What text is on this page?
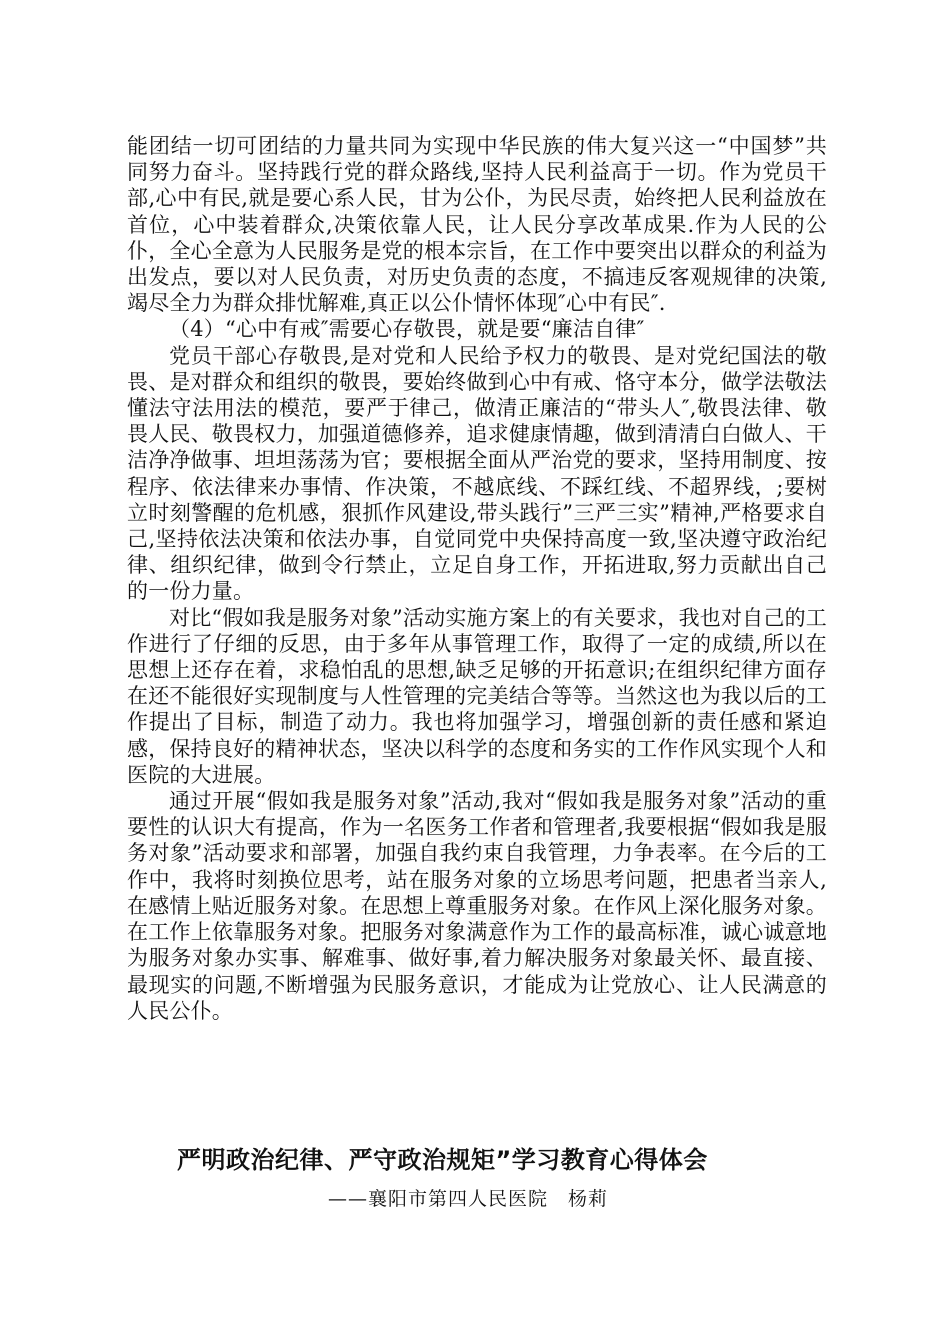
能团结一切可团结的力量共同为实现中华民族的伟大复兴这一“中国梦”共同努力奋斗。坚持践行党的群众路线,坚持人民利益高于一切。作为党员干部,心中有民,就是要心系人民，甘为公仆，为民尽责，始终把人民利益放在首位，心中装着群众,决策依靠人民，让人民分享改革成果.作为人民的公仆，全心全意为人民服务是党的根本宗旨，在工作中要突出以群众的利益为出发点，要以对人民负责，对历史负责的态度，不搞违反客观规律的决策,竭尽全力为群众排忧解难,真正以公仆情怀体现″心中有民″.

（4）“心中有戒″需要心存敬畏，就是要“廉洁自律″

党员干部心存敬畏,是对党和人民给予权力的敬畏、是对党纪国法的敬畏、是对群众和组织的敬畏，要始终做到心中有戒、恪守本分，做学法敬法懂法守法用法的模范，要严于律己，做清正廉洁的“带头人″,敬畏法律、敬畏人民、敬畏权力，加强道德修养，追求健康情趣，做到清清白白做人、干洁净净做事、坦坦荡荡为官；要根据全面从严治党的要求，坚持用制度、按程序、依法律来办事情、作决策，不越底线、不踩红线、不超界线，;要树立时刻警醒的危机感，狠抓作风建设,带头践行”三严三实”精神,严格要求自己,坚持依法决策和依法办事，自觉同党中央保持高度一致,坚决遵守政治纪律、组织纪律，做到令行禁止，立足自身工作，开拓进取,努力贡献出自己的一份力量。

对比“假如我是服务对象”活动实施方案上的有关要求，我也对自己的工作进行了仔细的反思，由于多年从事管理工作，取得了一定的成绩,所以在思想上还存在着，求稳怕乱的思想,缺乏足够的开拓意识;在组织纪律方面存在还不能很好实现制度与人性管理的完美结合等等。当然这也为我以后的工作提出了目标，制造了动力。我也将加强学习，增强创新的责任感和紧迫感，保持良好的精神状态，坚决以科学的态度和务实的工作作风实现个人和医院的大进展。

通过开展“假如我是服务对象”活动,我对“假如我是服务对象”活动的重要性的认识大有提高，作为一名医务工作者和管理者,我要根据“假如我是服务对象”活动要求和部署，加强自我约束自我管理，力争表率。在今后的工作中，我将时刻换位思考，站在服务对象的立场思考问题，把患者当亲人,在感情上贴近服务对象。在思想上尊重服务对象。在作风上深化服务对象。在工作上依靠服务对象。把服务对象满意作为工作的最高标准，诚心诚意地为服务对象办实事、解难事、做好事,着力解决服务对象最关怀、最直接、最现实的问题,不断增强为民服务意识，才能成为让党放心、让人民满意的人民公仆。

严明政治纪律、严守政治规矩”学习教育心得体会
——襄阳市第四人民医院　杨莉
